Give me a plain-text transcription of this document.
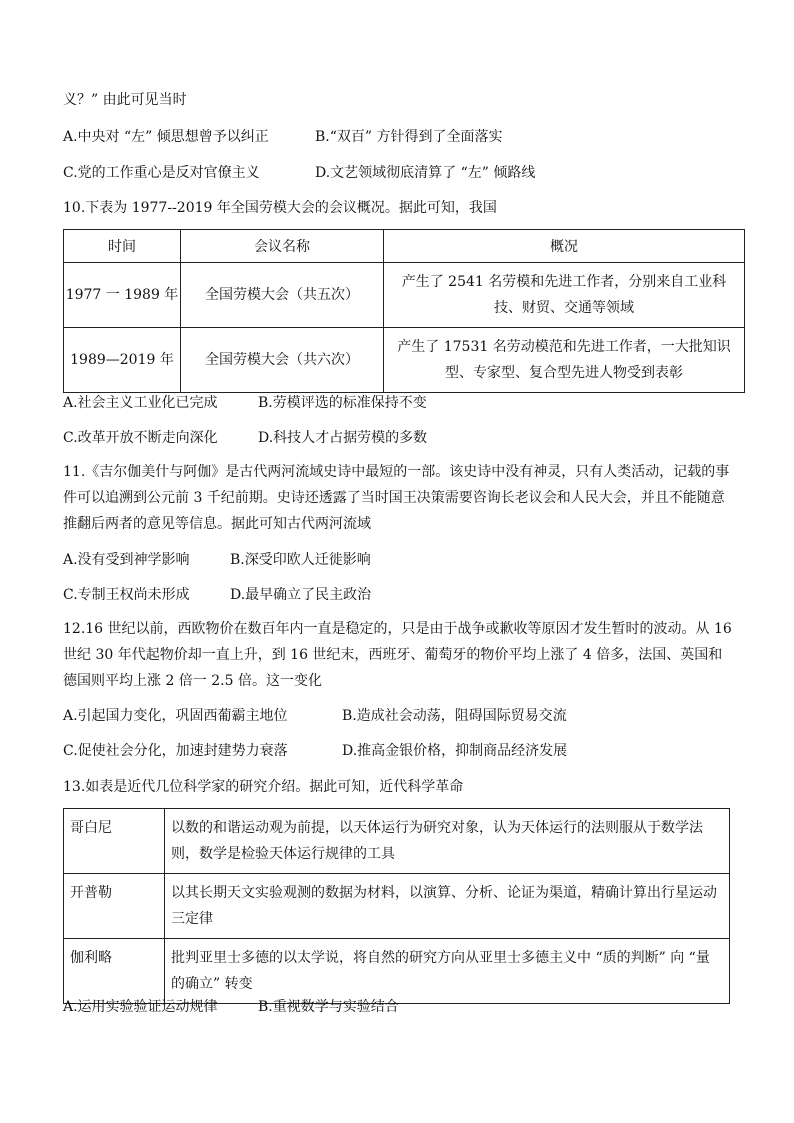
义？” 由此可见当时
A.中央对 “左” 倾思想曾予以纠正	B.“双百” 方针得到了全面落实
C.党的工作重心是反对官僚主义	D.文艺领域彻底清算了 “左” 倾路线
10.下表为 1977--2019 年全国劳模大会的会议概况。据此可知，我国
时间	会议名称	概况
1977 一 1989 年	全国劳模大会（共五次）	产生了 2541 名劳模和先进工作者，分别来自工业科技、财贸、交通等领域
1989—2019 年	全国劳模大会（共六次）	产生了 17531 名劳动模范和先进工作者，一大批知识型、专家型、复合型先进人物受到表彰
A.社会主义工业化已完成	B.劳模评选的标准保持不变
C.改革开放不断走向深化	D.科技人才占据劳模的多数
11.《吉尔伽美什与阿伽》是古代两河流域史诗中最短的一部。该史诗中没有神灵，只有人类活动，记载的事件可以追溯到公元前 3 千纪前期。史诗还透露了当时国王决策需要咨询长老议会和人民大会，并且不能随意推翻后两者的意见等信息。据此可知古代两河流域
A.没有受到神学影响	B.深受印欧人迁徙影响
C.专制王权尚未形成	D.最早确立了民主政治
12.16 世纪以前，西欧物价在数百年内一直是稳定的，只是由于战争或歉收等原因才发生暂时的波动。从 16 世纪 30 年代起物价却一直上升，到 16 世纪末，西班牙、葡萄牙的物价平均上涨了 4 倍多，法国、英国和德国则平均上涨 2 倍一 2.5 倍。这一变化
A.引起国力变化，巩固西葡霸主地位	B.造成社会动荡，阻碍国际贸易交流
C.促使社会分化，加速封建势力衰落	D.推高金银价格，抑制商品经济发展
13.如表是近代几位科学家的研究介绍。据此可知，近代科学革命
哥白尼	以数的和谐运动观为前提，以天体运行为研究对象，认为天体运行的法则服从于数学法则，数学是检验天体运行规律的工具
开普勒	以其长期天文实验观测的数据为材料，以演算、分析、论证为渠道，精确计算出行星运动三定律
伽利略	批判亚里士多德的以太学说，将自然的研究方向从亚里士多德主义中 “质的判断” 向 “量的确立” 转变
A.运用实验验证运动规律	B.重视数学与实验结合
